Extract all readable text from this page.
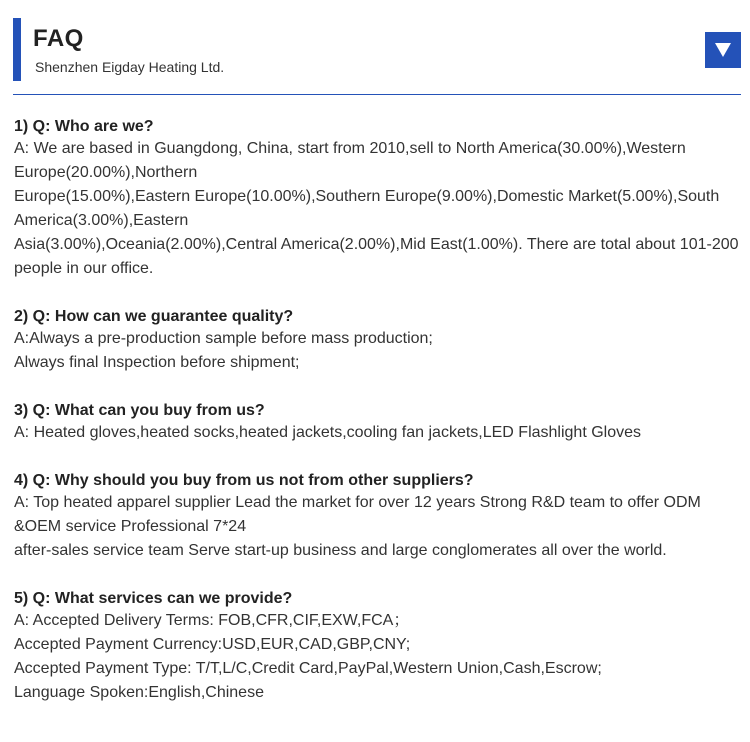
FAQ
Shenzhen Eigday Heating Ltd.

1) Q: Who are we?

A: We are based in Guangdong, China, start from 2010,sell to North America(30.00%),Western
Europe(20.00%),Northern
Europe(15.00%),Eastern Europe(10.00%),Southern Europe(9.00%),Domestic Market(5.00%),South
America(3.00%),Eastern
Asia(3.00%),Oceania(2.00%),Central America(2.00%),Mid East(1.00%). There are total about 101-200
people in our office.

2) Q: How can we guarantee quality?

A:Always a pre-production sample before mass production;
Always final Inspection before shipment;

3) Q: What can you buy from us?

A: Heated gloves,heated socks,heated jackets,cooling fan jackets,LED Flashlight Gloves

4) Q: Why should you buy from us not from other suppliers?

A: Top heated apparel supplier Lead the market for over 12 years Strong R&D team to offer ODM
&OEM service Professional 7*24
after-sales service team Serve start-up business and large conglomerates all over the world.

5) Q: What services can we provide?

A: Accepted Delivery Terms: FOB,CFR,CIF,EXW,FCA；
Accepted Payment Currency:USD,EUR,CAD,GBP,CNY;
Accepted Payment Type: T/T,L/C,Credit Card,PayPal,Western Union,Cash,Escrow;
Language Spoken:English,Chinese
